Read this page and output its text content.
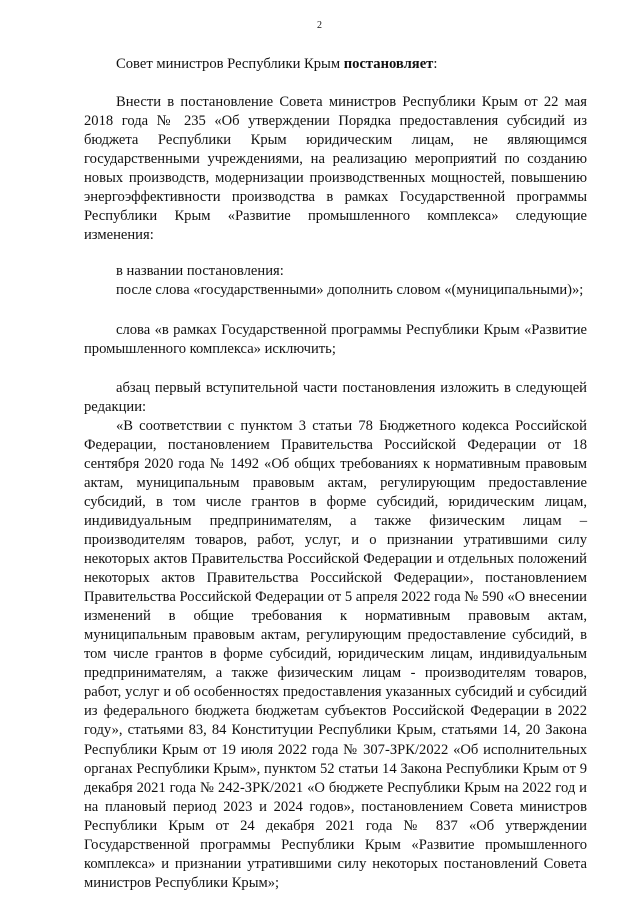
2

Совет министров Республики Крым постановляет:

Внести в постановление Совета министров Республики Крым от 22 мая 2018 года № 235 «Об утверждении Порядка предоставления субсидий из бюджета Республики Крым юридическим лицам, не являющимся государственными учреждениями, на реализацию мероприятий по созданию новых производств, модернизации производственных мощностей, повышению энергоэффективности производства в рамках Государственной программы Республики Крым «Развитие промышленного комплекса» следующие изменения:

в названии постановления:

после слова «государственными» дополнить словом «(муниципальными)»;

слова «в рамках Государственной программы Республики Крым «Развитие промышленного комплекса» исключить;

абзац первый вступительной части постановления изложить в следующей редакции:

«В соответствии с пунктом 3 статьи 78 Бюджетного кодекса Российской Федерации, постановлением Правительства Российской Федерации от 18 сентября 2020 года № 1492 «Об общих требованиях к нормативным правовым актам, муниципальным правовым актам, регулирующим предоставление субсидий, в том числе грантов в форме субсидий, юридическим лицам, индивидуальным предпринимателям, а также физическим лицам – производителям товаров, работ, услуг, и о признании утратившими силу некоторых актов Правительства Российской Федерации и отдельных положений некоторых актов Правительства Российской Федерации», постановлением Правительства Российской Федерации от 5 апреля 2022 года № 590 «О внесении изменений в общие требования к нормативным правовым актам, муниципальным правовым актам, регулирующим предоставление субсидий, в том числе грантов в форме субсидий, юридическим лицам, индивидуальным предпринимателям, а также физическим лицам - производителям товаров, работ, услуг и об особенностях предоставления указанных субсидий и субсидий из федерального бюджета бюджетам субъектов Российской Федерации в 2022 году», статьями 83, 84 Конституции Республики Крым, статьями 14, 20 Закона Республики Крым от 19 июля 2022 года № 307-ЗРК/2022 «Об исполнительных органах Республики Крым», пунктом 52 статьи 14 Закона Республики Крым от 9 декабря 2021 года № 242-ЗРК/2021 «О бюджете Республики Крым на 2022 год и на плановый период 2023 и 2024 годов», постановлением Совета министров Республики Крым от 24 декабря 2021 года № 837 «Об утверждении Государственной программы Республики Крым «Развитие промышленного комплекса» и признании утратившими силу некоторых постановлений Совета министров Республики Крым»;
